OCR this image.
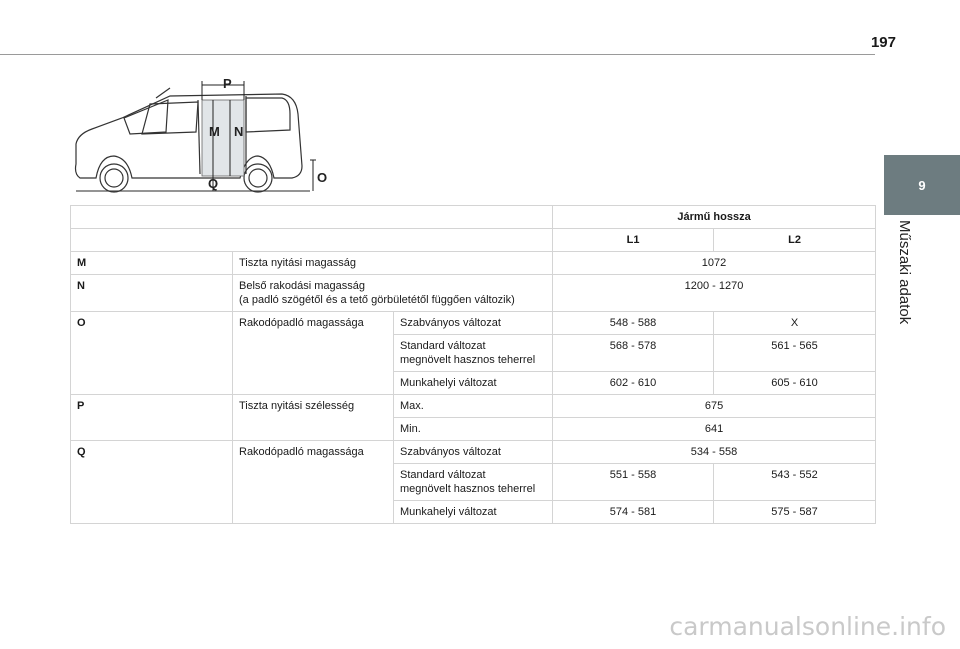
197
9
Műszaki adatok
P
M N
Q	O
			Jármű hossza	
			L1	L2
M	Tiszta nyitási magasság		1072	
N	Belső rakodási magasság
(a padló szögétől és a tető görbületétől függően változik)		1200 - 1270	
O	Rakodópadló magassága	Szabványos változat	548 - 588	X

		Standard változat
megnövelt hasznos teherrel	568 - 578	561 - 565
		Munkahelyi változat	602 - 610	605 - 610
P	Tiszta nyitási szélesség	Max.	675	
		Min.	641	
Q	Rakodópadló magassága	Szabványos változat	534 - 558	

		Standard változat
megnövelt hasznos teherrel	551 - 558	543 - 552
		Munkahelyi változat	574 - 581	575 - 587
carmanualsonline.info
